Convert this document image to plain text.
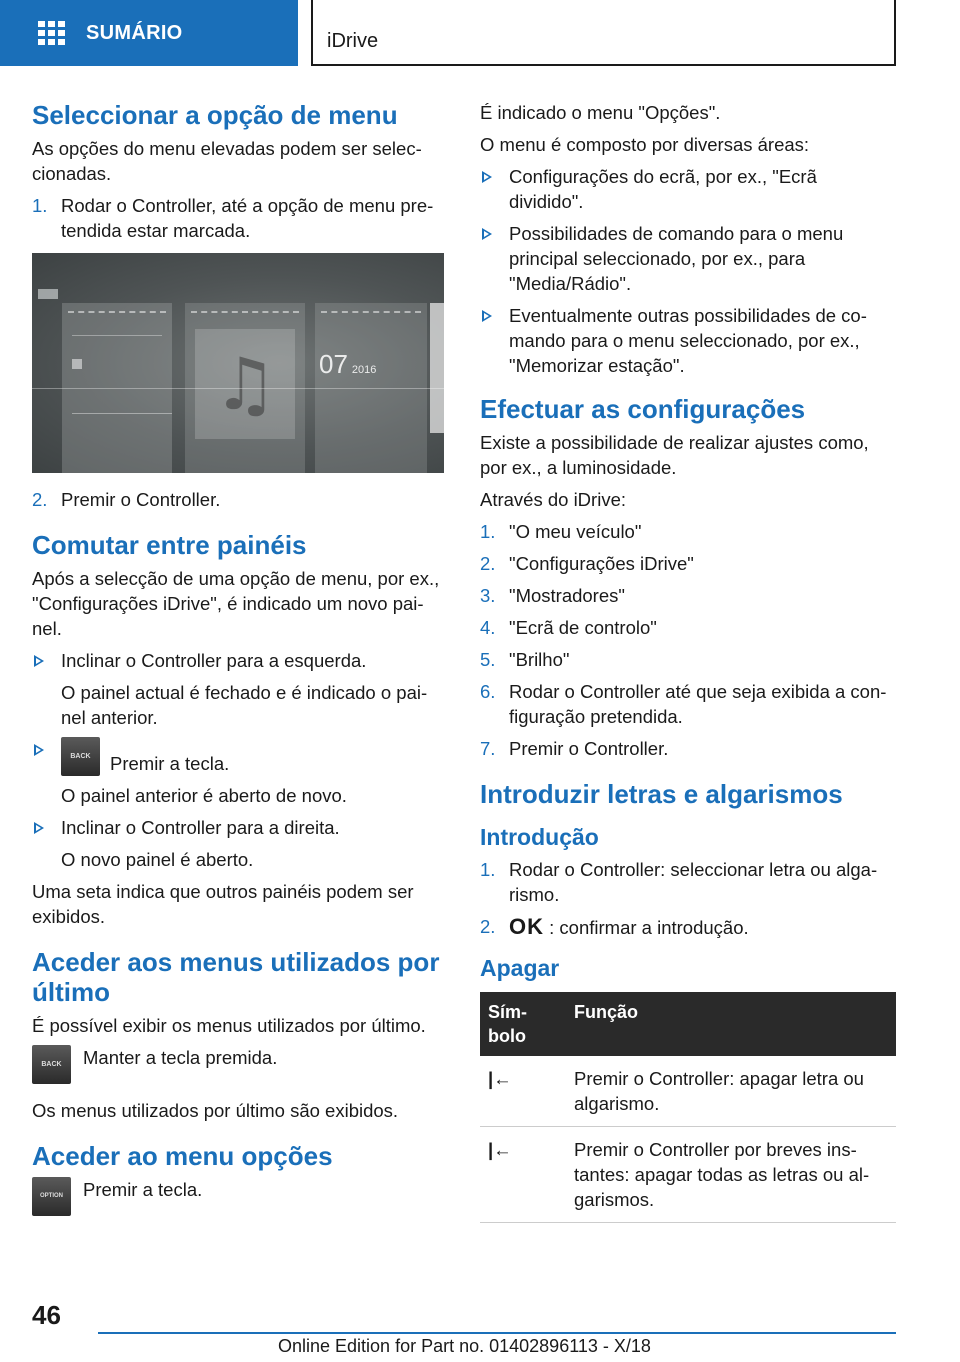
SUMÁRIO	iDrive
Seleccionar a opção de menu

As opções do menu elevadas podem ser selec-cionadas.

1. Rodar o Controller, até a opção de menu pre-tendida estar marcada.
♫	07 2016
2. Premir o Controller.
Comutar entre painéis

Após a selecção de uma opção de menu, por ex., "Configurações iDrive", é indicado um novo pai-nel.

Inclinar o Controller para a esquerda.
O painel actual é fechado e é indicado o pai-nel anterior.
BACK	Premir a tecla.
O painel anterior é aberto de novo.
Inclinar o Controller para a direita.
O novo painel é aberto.

Uma seta indica que outros painéis podem ser exibidos.

Aceder aos menus utilizados por último

É possível exibir os menus utilizados por último.

BACK	Manter a tecla premida.

Os menus utilizados por último são exibidos.

Aceder ao menu opções
OPTION	Premir a tecla.

É indicado o menu "Opções".

O menu é composto por diversas áreas:

Configurações do ecrã, por ex., "Ecrã dividido".
Possibilidades de comando para o menu principal seleccionado, por ex., para "Media/Rádio".
Eventualmente outras possibilidades de co-mando para o menu seleccionado, por ex., "Memorizar estação".
Efectuar as configurações

Existe a possibilidade de realizar ajustes como, por ex., a luminosidade.

Através do iDrive:

1. "O meu veículo"
2. "Configurações iDrive"
3. "Mostradores"
4. "Ecrã de controlo"
5. "Brilho"
6. Rodar o Controller até que seja exibida a con-figuração pretendida.
7. Premir o Controller.
Introduzir letras e algarismos
Introdução
1. Rodar o Controller: seleccionar letra ou alga-rismo.
2. OK : confirmar a introdução.
Apagar
Sím-bolo	Função
|←	Premir o Controller: apagar letra ou algarismo.
|←	Premir o Controller por breves ins-tantes: apagar todas as letras ou al-garismos.
46
Online Edition for Part no. 01402896113 - X/18
